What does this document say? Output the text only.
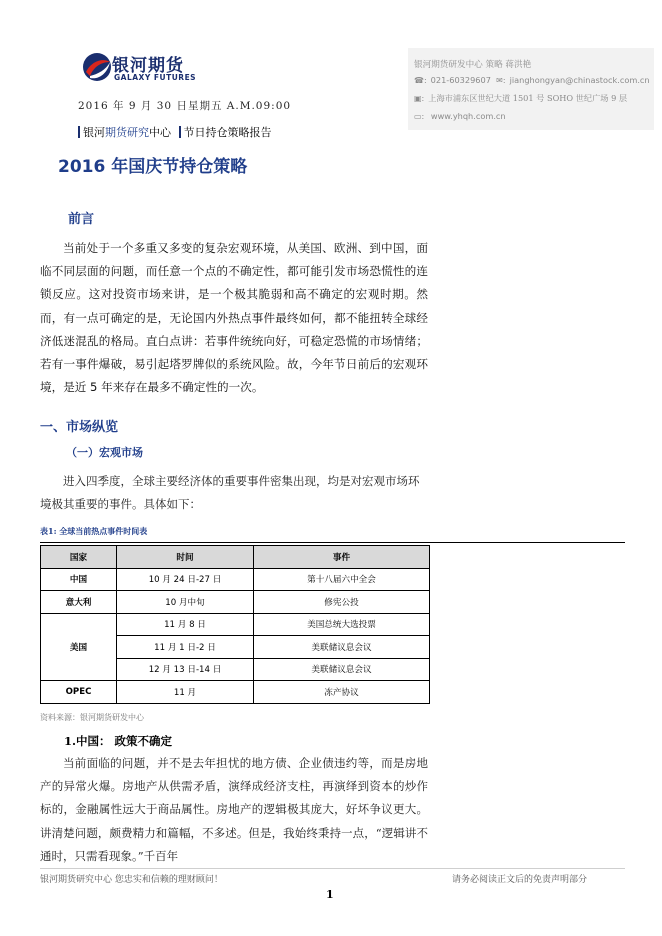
银河期货
GALAXY FUTURES
银河期货研发中心 策略 蒋洪艳
☎: 021-60329607 ✉: jianghongyan@chinastock.com.cn
▣: 上海市浦东区世纪大道 1501 号 SOHO 世纪广场 9 层
▭: www.yhqh.com.cn
2016 年 9 月 30 日星期五 A.M.09:00
银河期货研究中心 节日持仓策略报告
2016 年国庆节持仓策略
前言
当前处于一个多重又多变的复杂宏观环境，从美国、欧洲、到中国，面临不同层面的问题，而任意一个点的不确定性，都可能引发市场恐慌性的连锁反应。这对投资市场来讲，是一个极其脆弱和高不确定的宏观时期。然而，有一点可确定的是，无论国内外热点事件最终如何，都不能扭转全球经济低迷混乱的格局。直白点讲：若事件统统向好，可稳定恐慌的市场情绪；若有一事件爆破，易引起塔罗牌似的系统风险。故，今年节日前后的宏观环境，是近 5 年来存在最多不确定性的一次。
一、市场纵览
（一）宏观市场
进入四季度，全球主要经济体的重要事件密集出现，均是对宏观市场环境极其重要的事件。具体如下：
表1: 全球当前热点事件时间表
国家	时间	事件
中国	10 月 24 日-27 日	第十八届六中全会
意大利	10 月中旬	修宪公投
美国	11 月 8 日	美国总统大选投票
	11 月 1 日-2 日	美联储议息会议
	12 月 13 日-14 日	美联储议息会议
OPEC	11 月	冻产协议
资料来源：银河期货研发中心
1.中国： 政策不确定
当前面临的问题，并不是去年担忧的地方债、企业债违约等，而是房地产的异常火爆。房地产从供需矛盾，演绎成经济支柱，再演绎到资本的炒作标的，金融属性远大于商品属性。房地产的逻辑极其庞大，好坏争议更大。讲清楚问题，颇费精力和篇幅，不多述。但是，我始终秉持一点，“逻辑讲不通时，只需看现象。”千百年
银河期货研究中心 您忠实和信赖的理财顾问！	请务必阅读正文后的免责声明部分
1
